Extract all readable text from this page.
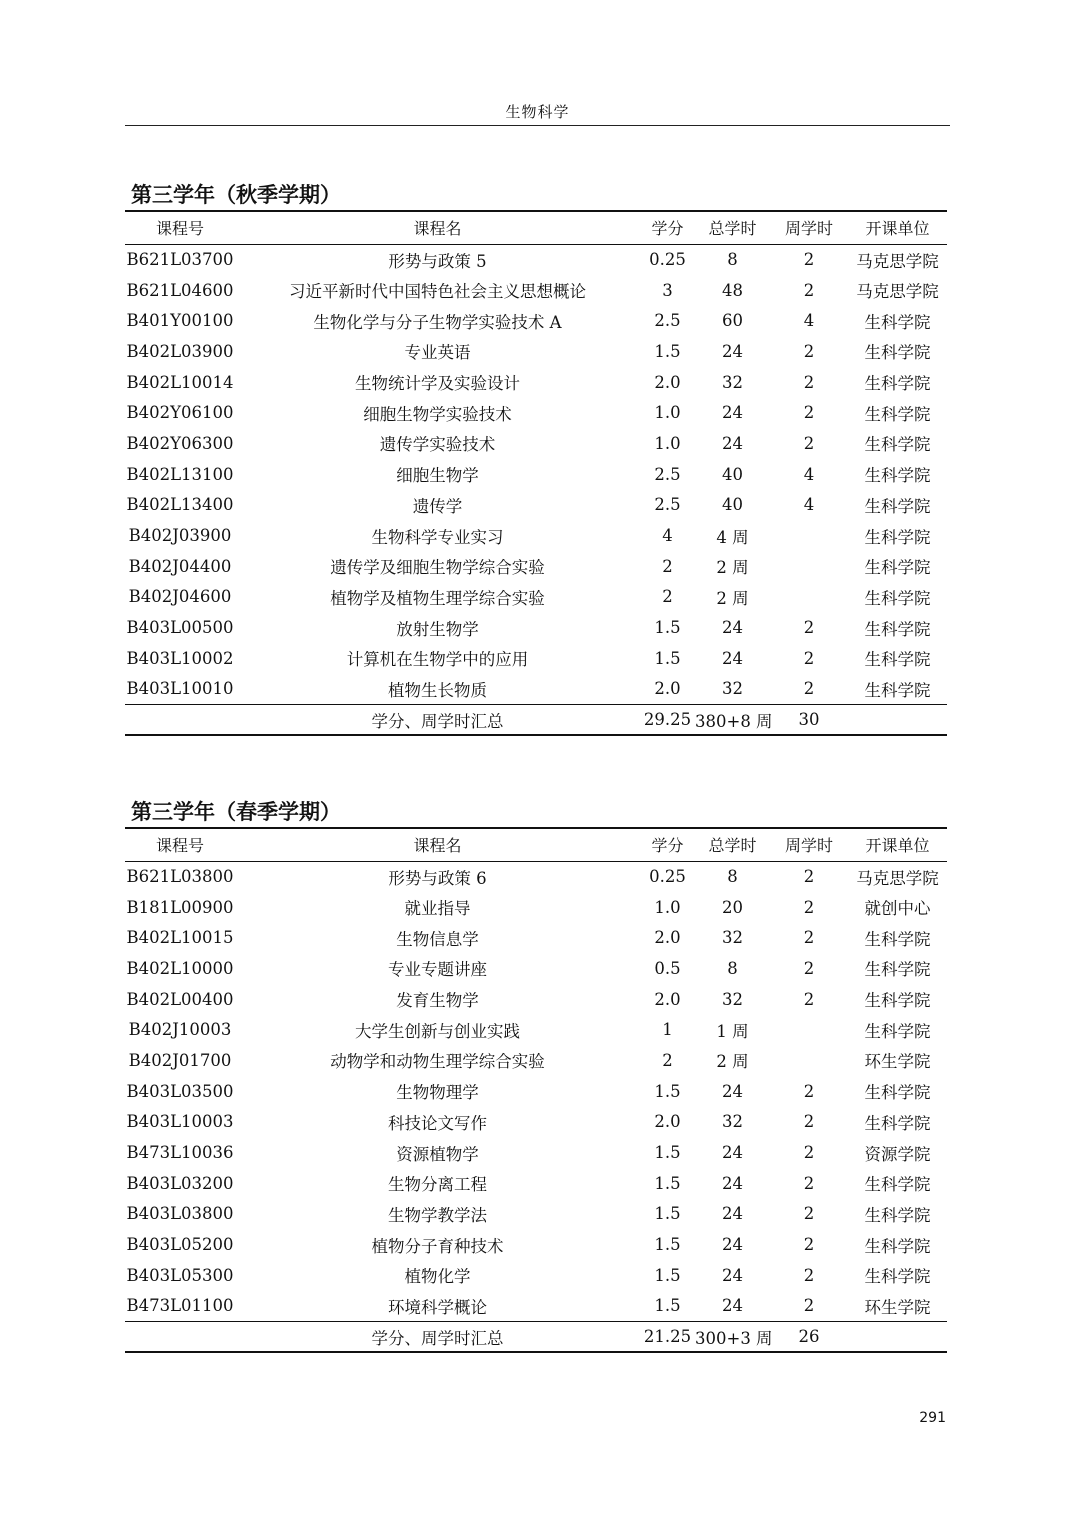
生物科学
第三学年（秋季学期）
课程号	课程名	学分	总学时	周学时	开课单位
B621L03700	形势与政策 5	0.25	8	2	马克思学院
B621L04600	习近平新时代中国特色社会主义思想概论	3	48	2	马克思学院
B401Y00100	生物化学与分子生物学实验技术 A	2.5	60	4	生科学院
B402L03900	专业英语	1.5	24	2	生科学院
B402L10014	生物统计学及实验设计	2.0	32	2	生科学院
B402Y06100	细胞生物学实验技术	1.0	24	2	生科学院
B402Y06300	遗传学实验技术	1.0	24	2	生科学院
B402L13100	细胞生物学	2.5	40	4	生科学院
B402L13400	遗传学	2.5	40	4	生科学院
B402J03900	生物科学专业实习	4	4 周		生科学院
B402J04400	遗传学及细胞生物学综合实验	2	2 周		生科学院
B402J04600	植物学及植物生理学综合实验	2	2 周		生科学院
B403L00500	放射生物学	1.5	24	2	生科学院
B403L10002	计算机在生物学中的应用	1.5	24	2	生科学院
B403L10010	植物生长物质	2.0	32	2	生科学院
	学分、周学时汇总	29.25	380+8 周	30	
第三学年（春季学期）
课程号	课程名	学分	总学时	周学时	开课单位
B621L03800	形势与政策 6	0.25	8	2	马克思学院
B181L00900	就业指导	1.0	20	2	就创中心
B402L10015	生物信息学	2.0	32	2	生科学院
B402L10000	专业专题讲座	0.5	8	2	生科学院
B402L00400	发育生物学	2.0	32	2	生科学院
B402J10003	大学生创新与创业实践	1	1 周		生科学院
B402J01700	动物学和动物生理学综合实验	2	2 周		环生学院
B403L03500	生物物理学	1.5	24	2	生科学院
B403L10003	科技论文写作	2.0	32	2	生科学院
B473L10036	资源植物学	1.5	24	2	资源学院
B403L03200	生物分离工程	1.5	24	2	生科学院
B403L03800	生物学教学法	1.5	24	2	生科学院
B403L05200	植物分子育种技术	1.5	24	2	生科学院
B403L05300	植物化学	1.5	24	2	生科学院
B473L01100	环境科学概论	1.5	24	2	环生学院
	学分、周学时汇总	21.25	300+3 周	26	
291
